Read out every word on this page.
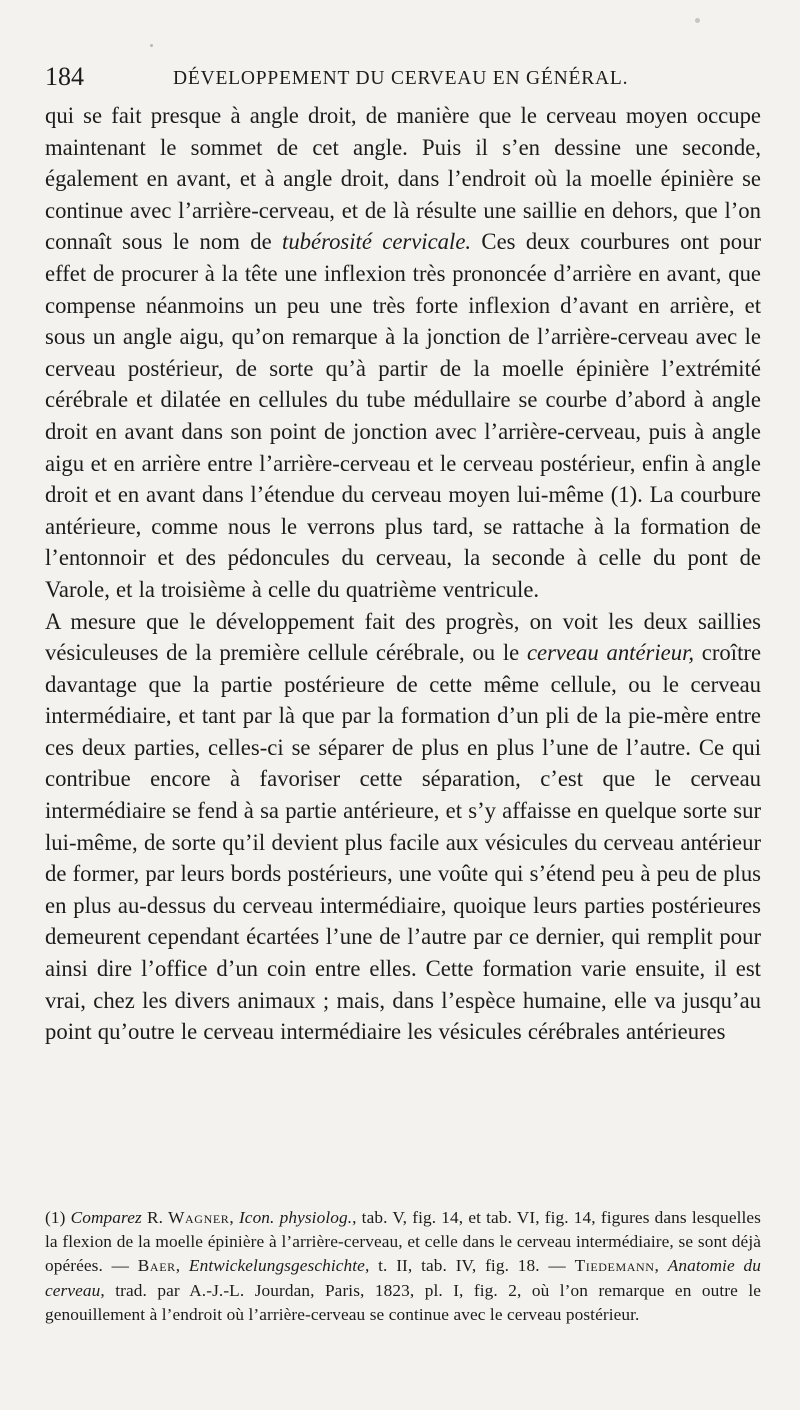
184	DÉVELOPPEMENT DU CERVEAU EN GÉNÉRAL.

qui se fait presque à angle droit, de manière que le cerveau moyen occupe maintenant le sommet de cet angle. Puis il s’en dessine une seconde, également en avant, et à angle droit, dans l’endroit où la moelle épinière se continue avec l’arrière-cerveau, et de là résulte une saillie en dehors, que l’on connaît sous le nom de tubérosité cervicale. Ces deux courbures ont pour effet de procurer à la tête une inflexion très prononcée d’arrière en avant, que compense néanmoins un peu une très forte inflexion d’avant en arrière, et sous un angle aigu, qu’on remarque à la jonction de l’arrière-cerveau avec le cerveau postérieur, de sorte qu’à partir de la moelle épinière l’extrémité cérébrale et dilatée en cellules du tube médullaire se courbe d’abord à angle droit en avant dans son point de jonction avec l’arrière-cerveau, puis à angle aigu et en arrière entre l’arrière-cerveau et le cerveau postérieur, enfin à angle droit et en avant dans l’étendue du cerveau moyen lui-même (1). La courbure antérieure, comme nous le verrons plus tard, se rattache à la formation de l’entonnoir et des pédoncules du cerveau, la seconde à celle du pont de Varole, et la troisième à celle du quatrième ventricule.

A mesure que le développement fait des progrès, on voit les deux saillies vésiculeuses de la première cellule cérébrale, ou le cerveau antérieur, croître davantage que la partie postérieure de cette même cellule, ou le cerveau intermédiaire, et tant par là que par la formation d’un pli de la pie-mère entre ces deux parties, celles-ci se séparer de plus en plus l’une de l’autre. Ce qui contribue encore à favoriser cette séparation, c’est que le cerveau intermédiaire se fend à sa partie antérieure, et s’y affaisse en quelque sorte sur lui-même, de sorte qu’il devient plus facile aux vésicules du cerveau antérieur de former, par leurs bords postérieurs, une voûte qui s’étend peu à peu de plus en plus au-dessus du cerveau intermédiaire, quoique leurs parties postérieures demeurent cependant écartées l’une de l’autre par ce dernier, qui remplit pour ainsi dire l’office d’un coin entre elles. Cette formation varie ensuite, il est vrai, chez les divers animaux ; mais, dans l’espèce humaine, elle va jusqu’au point qu’outre le cerveau intermédiaire les vésicules cérébrales antérieures

(1) Comparez R. Wagner, Icon. physiolog., tab. V, fig. 14, et tab. VI, fig. 14, figures dans lesquelles la flexion de la moelle épinière à l’arrière-cerveau, et celle dans le cerveau intermédiaire, se sont déjà opérées. — Baer, Entwickelungsgeschichte, t. II, tab. IV, fig. 18. — Tiedemann, Anatomie du cerveau, trad. par A.-J.-L. Jourdan, Paris, 1823, pl. I, fig. 2, où l’on remarque en outre le genouillement à l’endroit où l’arrière-cerveau se continue avec le cerveau postérieur.
